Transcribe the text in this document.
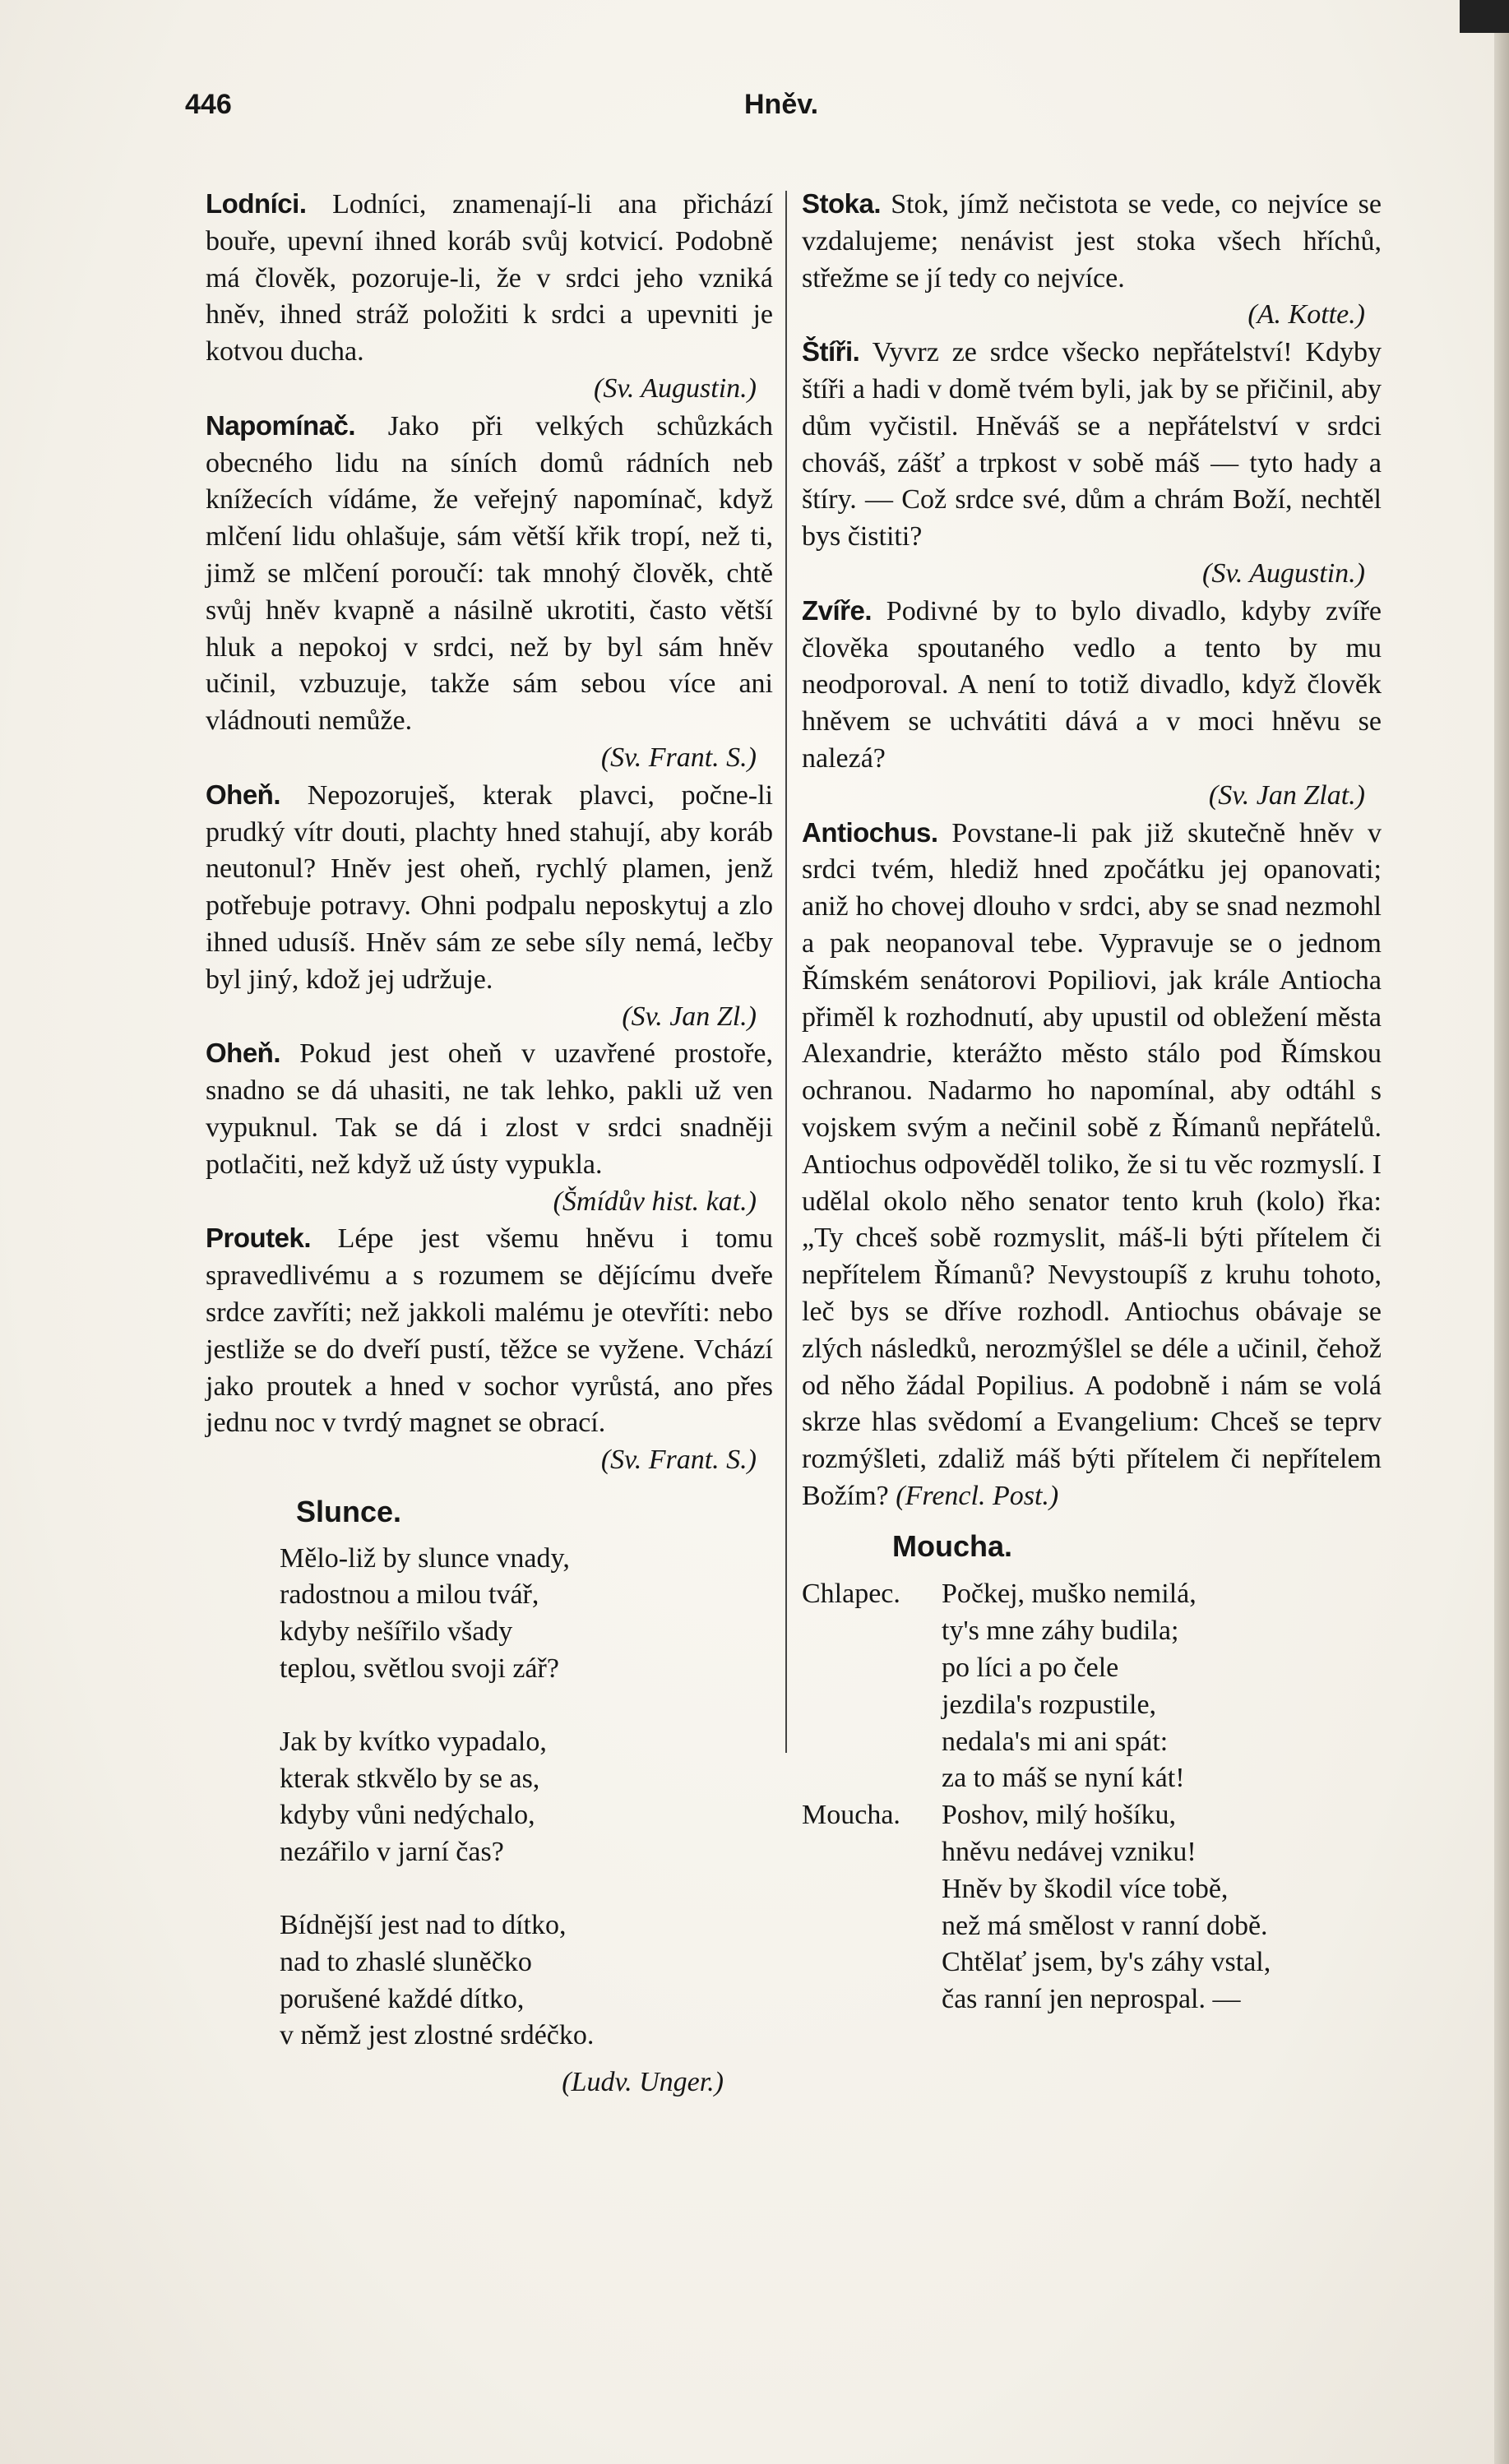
446	Hněv.

Lodníci. Lodníci, znamenají-li ana přichází bouře, upevní ihned koráb svůj kotvicí. Podobně má člověk, pozoruje-li, že v srdci jeho vzniká hněv, ihned stráž položiti k srdci a upevniti je kotvou ducha.
(Sv. Augustin.)

Napomínač. Jako při velkých schůzkách obecného lidu na síních domů rádních neb knížecích vídáme, že veřejný napomínač, když mlčení lidu ohlašuje, sám větší křik tropí, než ti, jimž se mlčení poroučí: tak mnohý člověk, chtě svůj hněv kvapně a násilně ukrotiti, často větší hluk a nepokoj v srdci, než by byl sám hněv učinil, vzbuzuje, takže sám sebou více ani vládnouti nemůže.
(Sv. Frant. S.)

Oheň. Nepozoruješ, kterak plavci, počne-li prudký vítr douti, plachty hned stahují, aby koráb neutonul? Hněv jest oheň, rychlý plamen, jenž potřebuje potravy. Ohni podpalu neposkytuj a zlo ihned udusíš. Hněv sám ze sebe síly nemá, lečby byl jiný, kdož jej udržuje.
(Sv. Jan Zl.)

Oheň. Pokud jest oheň v uzavřené prostoře, snadno se dá uhasiti, ne tak lehko, pakli už ven vypuknul. Tak se dá i zlost v srdci snadněji potlačiti, než když už ústy vypukla.
(Šmídův hist. kat.)

Proutek. Lépe jest všemu hněvu i tomu spravedlivému a s rozumem se dějícímu dveře srdce zavříti; než jakkoli malému je otevříti: nebo jestliže se do dveří pustí, těžce se vyžene. Vchází jako proutek a hned v sochor vyrůstá, ano přes jednu noc v tvrdý magnet se obrací.
(Sv. Frant. S.)

Slunce.
Mělo-liž by slunce vnady,
radostnou a milou tvář,
kdyby nešířilo všady
teplou, světlou svoji zář?
Jak by kvítko vypadalo,
kterak stkvělo by se as,
kdyby vůni nedýchalo,
nezářilo v jarní čas?
Bídnější jest nad to dítko,
nad to zhaslé sluněčko
porušené každé dítko,
v němž jest zlostné srdéčko.
(Ludv. Unger.)

Stoka. Stok, jímž nečistota se vede, co nejvíce se vzdalujeme; nenávist jest stoka všech hříchů, střežme se jí tedy co nejvíce.
(A. Kotte.)

Štíři. Vyvrz ze srdce všecko nepřátelství! Kdyby štíři a hadi v domě tvém byli, jak by se přičinil, aby dům vyčistil. Hněváš se a nepřátelství v srdci chováš, zášť a trpkost v sobě máš — tyto hady a štíry. — Což srdce své, dům a chrám Boží, nechtěl bys čistiti?
(Sv. Augustin.)

Zvíře. Podivné by to bylo divadlo, kdyby zvíře člověka spoutaného vedlo a tento by mu neodporoval. A není to totiž divadlo, když člověk hněvem se uchvátiti dává a v moci hněvu se nalezá?
(Sv. Jan Zlat.)

Antiochus. Povstane-li pak již skutečně hněv v srdci tvém, hlediž hned zpočátku jej opanovati; aniž ho chovej dlouho v srdci, aby se snad nezmohl a pak neopanoval tebe. Vypravuje se o jednom Římském senátorovi Popiliovi, jak krále Antiocha přiměl k rozhodnutí, aby upustil od obležení města Alexandrie, kterážto město stálo pod Římskou ochranou. Nadarmo ho napomínal, aby odtáhl s vojskem svým a nečinil sobě z Římanů nepřátelů. Antiochus odpověděl toliko, že si tu věc rozmyslí. I udělal okolo něho senator tento kruh (kolo) řka: „Ty chceš sobě rozmyslit, máš-li býti přítelem či nepřítelem Římanů? Nevystoupíš z kruhu tohoto, leč bys se dříve rozhodl. Antiochus obávaje se zlých následků, nerozmýšlel se déle a učinil, čehož od něho žádal Popilius. A podobně i nám se volá skrze hlas svědomí a Evangelium: Chceš se teprv rozmýšleti, zdaliž máš býti přítelem či nepřítelem Božím? (Frencl. Post.)

Moucha.
Chlapec.	Počkej, muško nemilá,
ty's mne záhy budila;
po líci a po čele
jezdila's rozpustile,
nedala's mi ani spát:
za to máš se nyní kát!
Moucha.	Poshov, milý hošíku,
hněvu nedávej vzniku!
Hněv by škodil více tobě,
než má smělost v ranní době.
Chtělať jsem, by's záhy vstal,
čas ranní jen neprospal. —
